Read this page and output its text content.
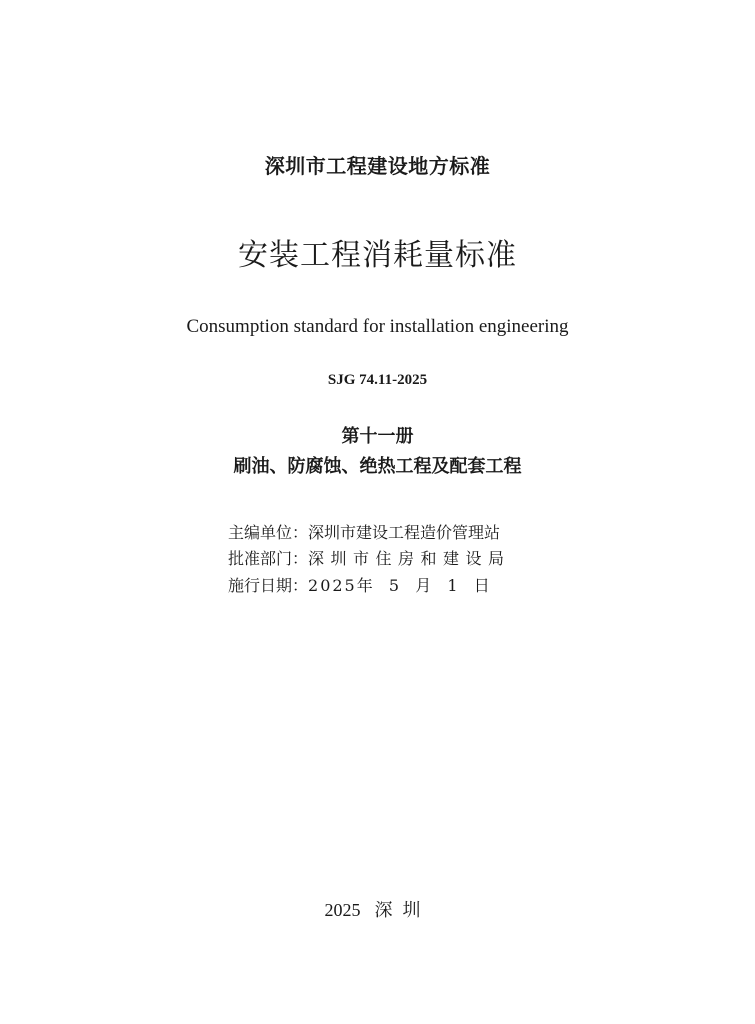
深圳市工程建设地方标准
安装工程消耗量标准
Consumption standard for installation engineering
SJG 74.11-2025
第十一册
刷油、防腐蚀、绝热工程及配套工程
主编单位：深圳市建设工程造价管理站
批准部门：深圳市住房和建设局
施行日期：2025年  5  月  1  日
2025 深圳
